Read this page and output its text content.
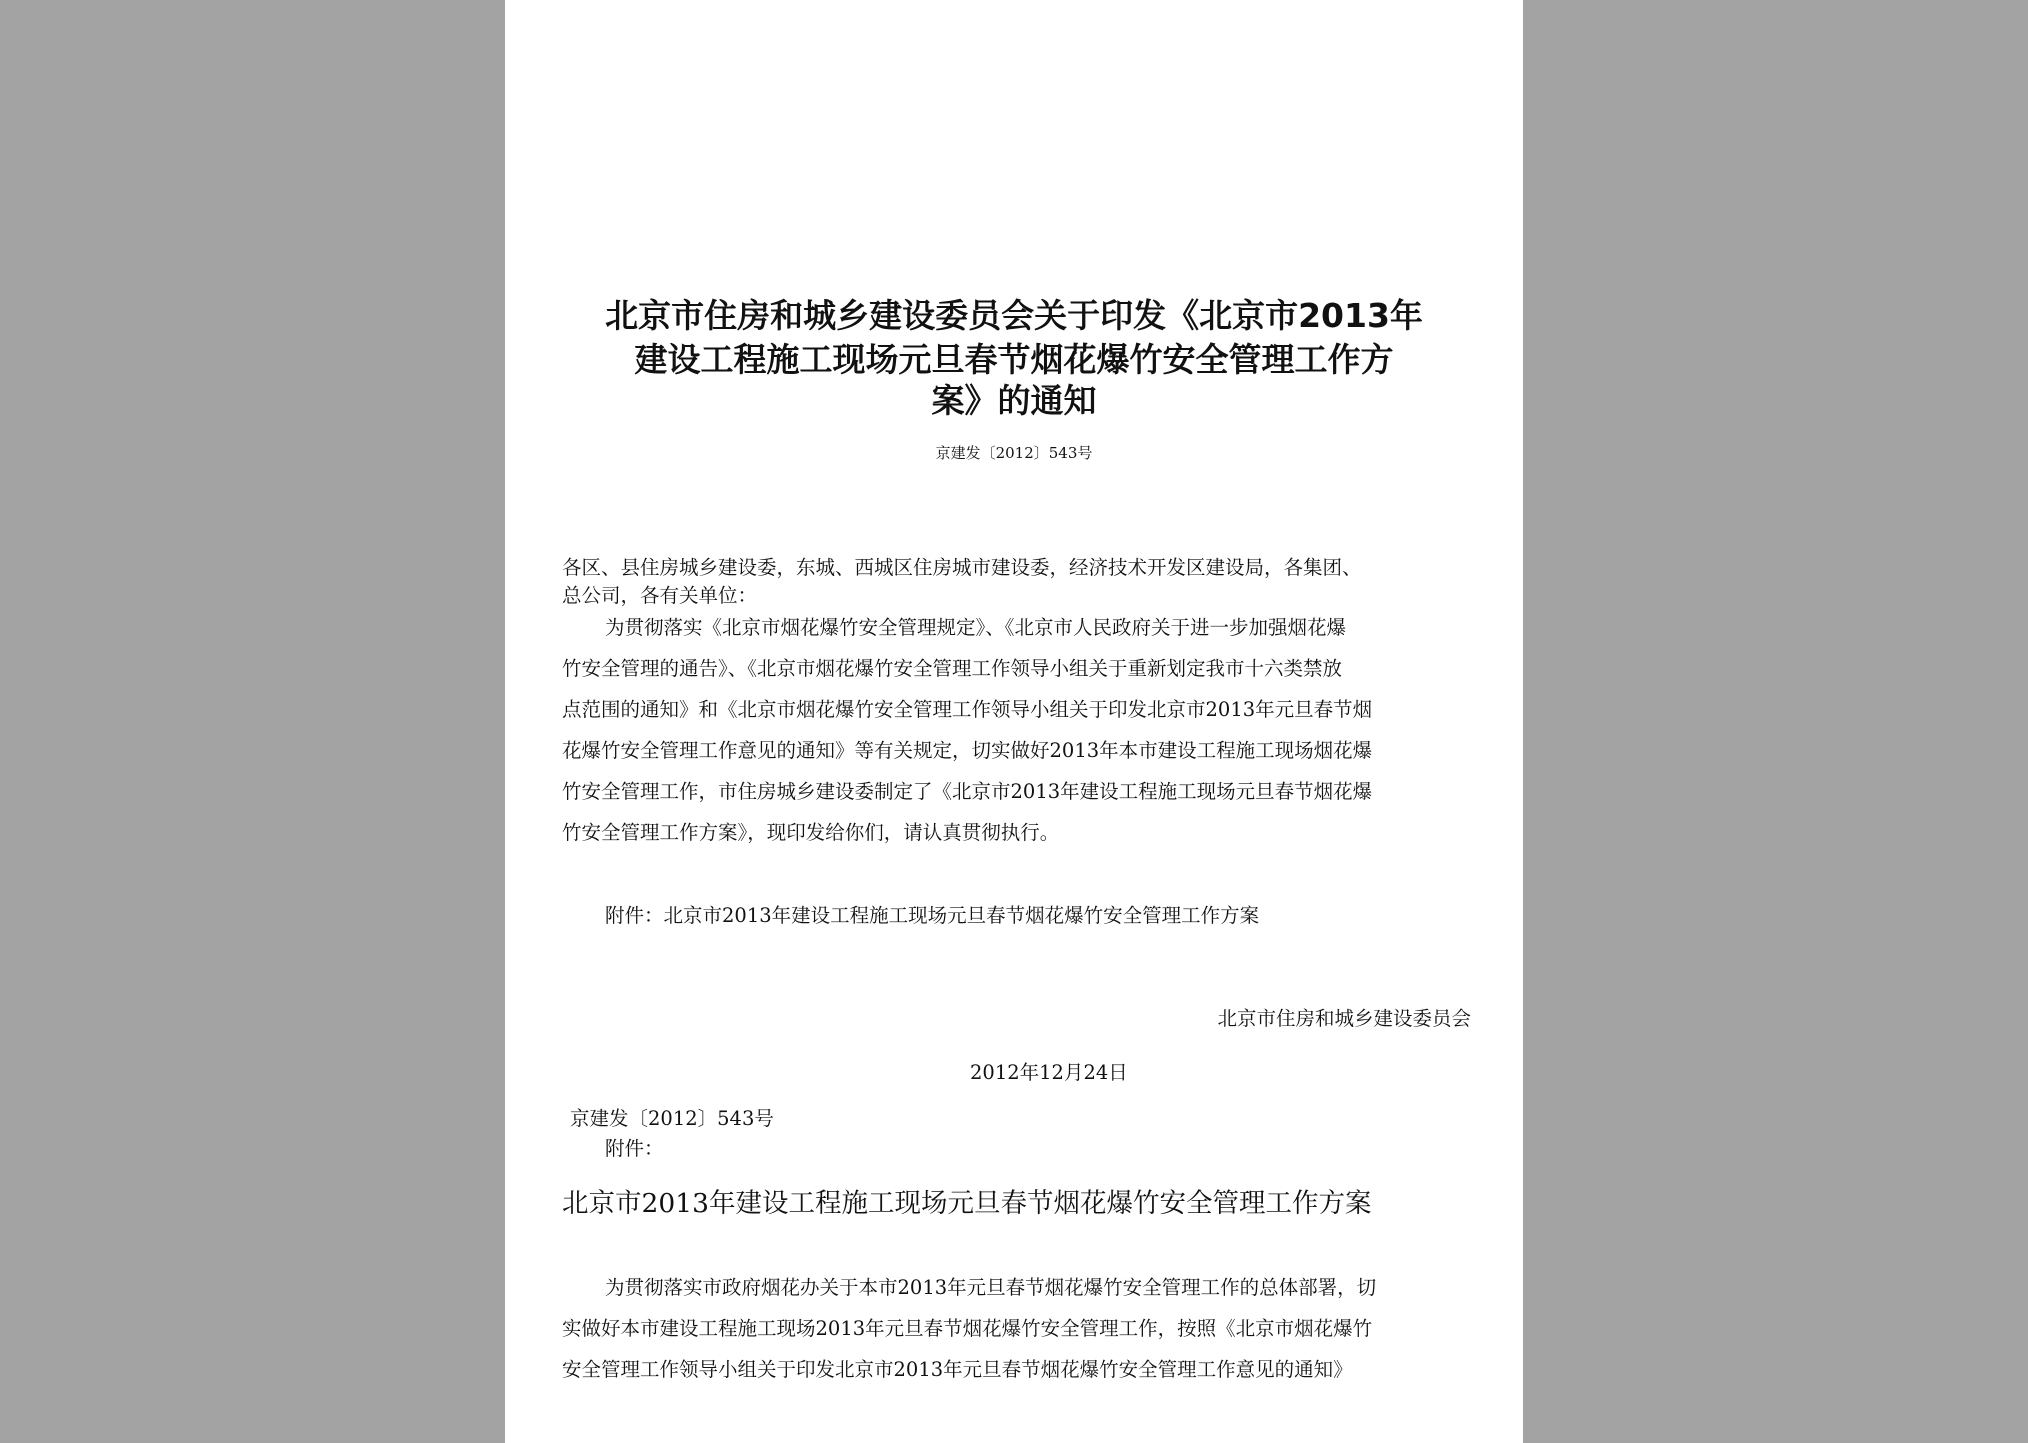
北京市住房和城乡建设委员会关于印发《北京市2013年
建设工程施工现场元旦春节烟花爆竹安全管理工作方
案》的通知
京建发〔2012〕543号
各区、县住房城乡建设委，东城、西城区住房城市建设委，经济技术开发区建设局，各集团、
总公司，各有关单位：
为贯彻落实《北京市烟花爆竹安全管理规定》、《北京市人民政府关于进一步加强烟花爆
竹安全管理的通告》、《北京市烟花爆竹安全管理工作领导小组关于重新划定我市十六类禁放
点范围的通知》和《北京市烟花爆竹安全管理工作领导小组关于印发北京市2013年元旦春节烟
花爆竹安全管理工作意见的通知》等有关规定，切实做好2013年本市建设工程施工现场烟花爆
竹安全管理工作，市住房城乡建设委制定了《北京市2013年建设工程施工现场元旦春节烟花爆
竹安全管理工作方案》，现印发给你们，请认真贯彻执行。
附件：北京市2013年建设工程施工现场元旦春节烟花爆竹安全管理工作方案
北京市住房和城乡建设委员会
2012年12月24日
京建发〔2012〕543号
附件：
北京市2013年建设工程施工现场元旦春节烟花爆竹安全管理工作方案
为贯彻落实市政府烟花办关于本市2013年元旦春节烟花爆竹安全管理工作的总体部署，切
实做好本市建设工程施工现场2013年元旦春节烟花爆竹安全管理工作，按照《北京市烟花爆竹
安全管理工作领导小组关于印发北京市2013年元旦春节烟花爆竹安全管理工作意见的通知》
